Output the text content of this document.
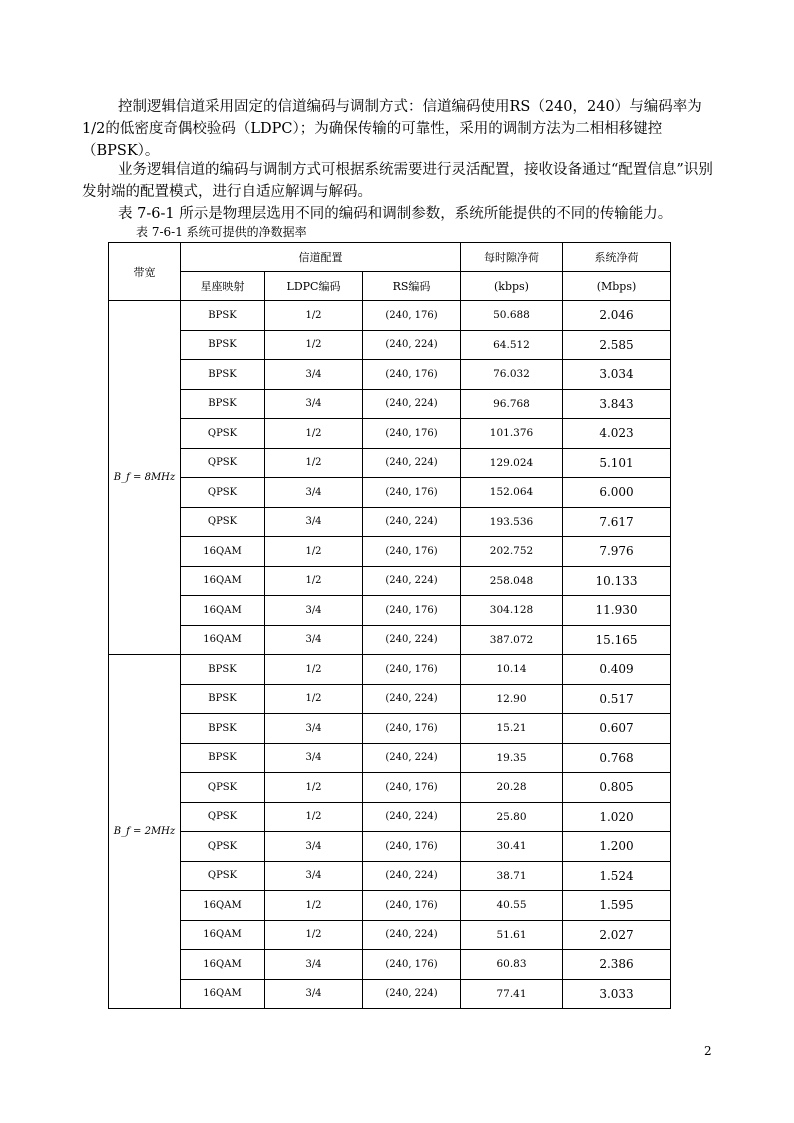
控制逻辑信道采用固定的信道编码与调制方式：信道编码使用RS（240，240）与编码率为1/2的低密度奇偶校验码（LDPC）；为确保传输的可靠性，采用的调制方法为二相相移键控（BPSK）。

业务逻辑信道的编码与调制方式可根据系统需要进行灵活配置，接收设备通过“配置信息”识别发射端的配置模式，进行自适应解调与解码。

表 7-6-1 所示是物理层选用不同的编码和调制参数，系统所能提供的不同的传输能力。

表 7-6-1 系统可提供的净数据率
带宽	信道配置			每时隙净荷	系统净荷
	星座映射	LDPC编码	RS编码	(kbps)	(Mbps)
B_f = 8MHz	BPSK	1/2	(240, 176)	50.688	2.046
	BPSK	1/2	(240, 224)	64.512	2.585
	BPSK	3/4	(240, 176)	76.032	3.034
	BPSK	3/4	(240, 224)	96.768	3.843
	QPSK	1/2	(240, 176)	101.376	4.023
	QPSK	1/2	(240, 224)	129.024	5.101
	QPSK	3/4	(240, 176)	152.064	6.000
	QPSK	3/4	(240, 224)	193.536	7.617
	16QAM	1/2	(240, 176)	202.752	7.976
	16QAM	1/2	(240, 224)	258.048	10.133
	16QAM	3/4	(240, 176)	304.128	11.930
	16QAM	3/4	(240, 224)	387.072	15.165
B_f = 2MHz	BPSK	1/2	(240, 176)	10.14	0.409
	BPSK	1/2	(240, 224)	12.90	0.517
	BPSK	3/4	(240, 176)	15.21	0.607
	BPSK	3/4	(240, 224)	19.35	0.768
	QPSK	1/2	(240, 176)	20.28	0.805
	QPSK	1/2	(240, 224)	25.80	1.020
	QPSK	3/4	(240, 176)	30.41	1.200
	QPSK	3/4	(240, 224)	38.71	1.524
	16QAM	1/2	(240, 176)	40.55	1.595
	16QAM	1/2	(240, 224)	51.61	2.027
	16QAM	3/4	(240, 176)	60.83	2.386
	16QAM	3/4	(240, 224)	77.41	3.033
2
